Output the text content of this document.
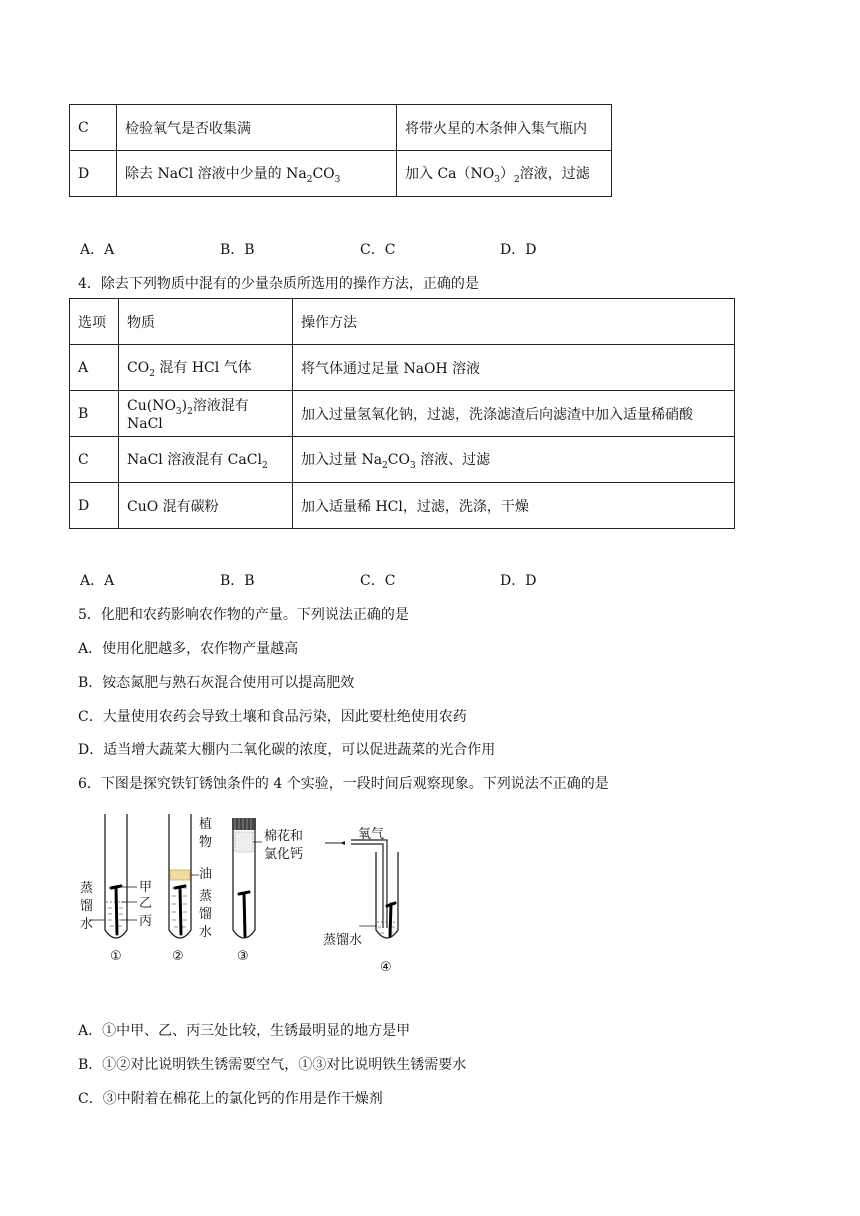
C	检验氧气是否收集满	将带火星的木条伸入集气瓶内
D	除去 NaCl 溶液中少量的 $Na_2CO_3$	加入 $Ca(NO_3)_2$溶液，过滤
A．A	B．B	C．C	D．D
4．除去下列物质中混有的少量杂质所选用的操作方法，正确的是
选项	物质	操作方法
A	$CO_2$ 混有 HCl 气体	将气体通过足量 NaOH 溶液
B	$Cu(NO_3)_2$溶液混有 NaCl	加入过量氢氧化钠，过滤，洗涤滤渣后向滤渣中加入适量稀硝酸
C	NaCl 溶液混有 CaCl$_2$	加入过量 $Na_2CO_3$ 溶液、过滤
D	CuO 混有碳粉	加入适量稀 HCl，过滤，洗涤，干燥
A．A	B．B	C．C	D．D
5．化肥和农药影响农作物的产量。下列说法正确的是
A．使用化肥越多，农作物产量越高
B．铵态氮肥与熟石灰混合使用可以提高肥效
C．大量使用农药会导致土壤和食品污染，因此要杜绝使用农药
D．适当增大蔬菜大棚内二氧化碳的浓度，可以促进蔬菜的光合作用
6．下图是探究铁钉锈蚀条件的 4 个实验，一段时间后观察现象。下列说法不正确的是
甲
乙
丙
蒸
馏
水
①
植
物
油
蒸
馏
水
②
棉花和
氯化钙
③
氧气
蒸馏水
④
A．①中甲、乙、丙三处比较，生锈最明显的地方是甲
B．①②对比说明铁生锈需要空气，①③对比说明铁生锈需要水
C．③中附着在棉花上的氯化钙的作用是作干燥剂
